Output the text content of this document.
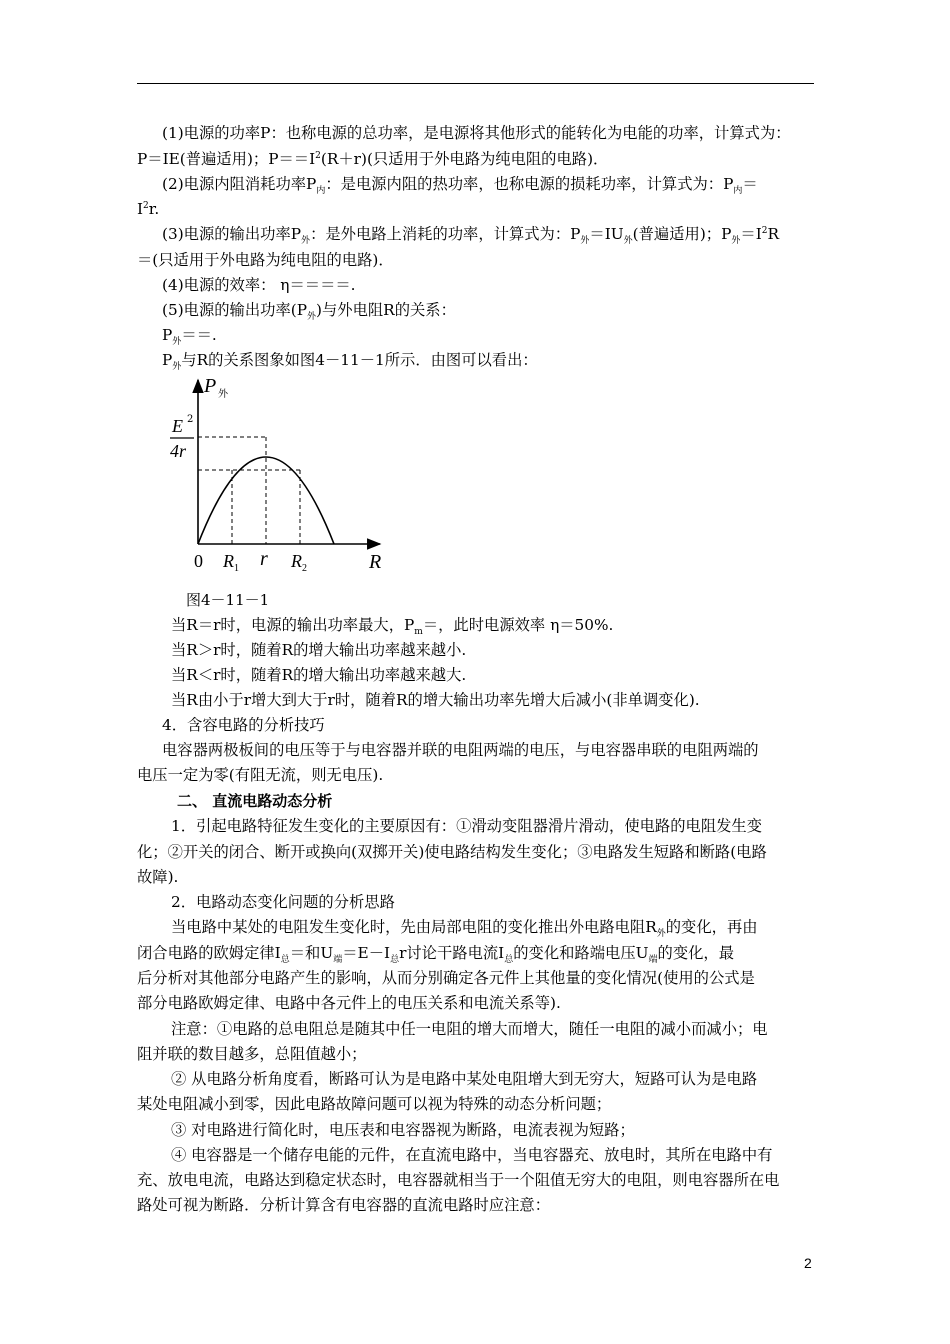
(1)电源的功率P：也称电源的总功率，是电源将其他形式的能转化为电能的功率，计算式为：
P＝IE(普遍适用)；$P==I^2(R+r)$(只适用于外电路为纯电阻的电路)．
(2)电源内阻消耗功率$P_内$：是电源内阻的热功率，也称电源的损耗功率，计算式为：$P_内=$
$I^2r$.
(3)电源的输出功率$P_外$：是外电路上消耗的功率，计算式为：$P_外=IU_外$(普遍适用)；$P_外=I^2R$
＝(只适用于外电路为纯电阻的电路)．
(4)电源的效率： η＝＝＝＝.
(5)电源的输出功率$(P_外)$与外电阻R的关系：
$P_外==$.
$P_外$与R的关系图象如图4－11－1所示．由图可以看出：
P 外
E 2
4r
0 $R_1$ r $R_2$	R
图4－11－1
当R＝r时，电源的输出功率最大，$P_m=$，此时电源效率 η＝50%.
当R＞r时，随着R的增大输出功率越来越小.
当R＜r时，随着R的增大输出功率越来越大.
当R由小于r增大到大于r时，随着R的增大输出功率先增大后减小(非单调变化).
4．含容电路的分析技巧
电容器两极板间的电压等于与电容器并联的电阻两端的电压，与电容器串联的电阻两端的
电压一定为零(有阻无流，则无电压).
二、 直流电路动态分析
1．引起电路特征发生变化的主要原因有：①滑动变阻器滑片滑动，使电路的电阻发生变
化；②开关的闭合、断开或换向(双掷开关)使电路结构发生变化；③电路发生短路和断路(电路
故障).
2．电路动态变化问题的分析思路
当电路中某处的电阻发生变化时，先由局部电阻的变化推出外电路电阻$R_外$的变化，再由
闭合电路的欧姆定律$I_总=$和$U_端=E-I_总r$讨论干路电流$I_总$的变化和路端电压$U_端$的变化，最
后分析对其他部分电路产生的影响，从而分别确定各元件上其他量的变化情况(使用的公式是
部分电路欧姆定律、电路中各元件上的电压关系和电流关系等).
注意：①电路的总电阻总是随其中任一电阻的增大而增大，随任一电阻的减小而减小；电
阻并联的数目越多，总阻值越小；
② 从电路分析角度看，断路可认为是电路中某处电阻增大到无穷大，短路可认为是电路
某处电阻减小到零，因此电路故障问题可以视为特殊的动态分析问题；
③ 对电路进行简化时，电压表和电容器视为断路，电流表视为短路；
④ 电容器是一个储存电能的元件，在直流电路中，当电容器充、放电时，其所在电路中有
充、放电电流，电路达到稳定状态时，电容器就相当于一个阻值无穷大的电阻，则电容器所在电
路处可视为断路．分析计算含有电容器的直流电路时应注意：
2
